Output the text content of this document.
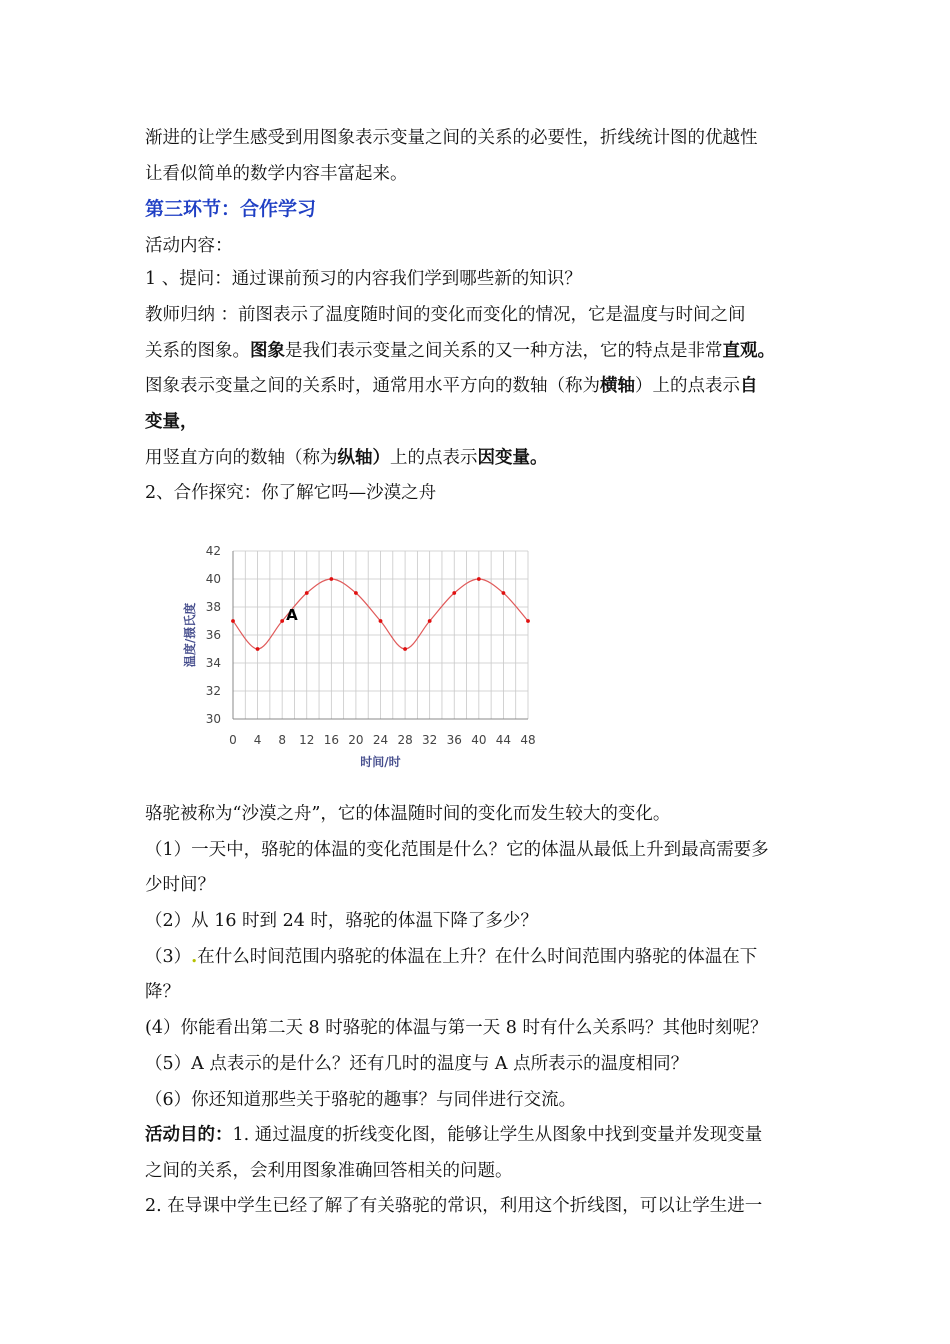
渐进的让学生感受到用图象表示变量之间的关系的必要性，折线统计图的优越性
让看似简单的数学内容丰富起来。
第三环节：合作学习
活动内容：
1 、提问：通过课前预习的内容我们学到哪些新的知识？
教师归纳 ：前图表示了温度随时间的变化而变化的情况，它是温度与时间之间
关系的图象。图象是我们表示变量之间关系的又一种方法，它的特点是非常直观。
图象表示变量之间的关系时，通常用水平方向的数轴（称为横轴）上的点表示自
变量，
用竖直方向的数轴（称为纵轴）上的点表示因变量。
2、合作探究：你了解它吗—沙漠之舟
0 4 8 12 16 20 24 28 32 36 40 44 48
30
32
34
36
38
40
42
A
时间/时
温度/摄氏度
骆驼被称为“沙漠之舟”，它的体温随时间的变化而发生较大的变化。
（1）一天中，骆驼的体温的变化范围是什么？它的体温从最低上升到最高需要多
少时间？
（2）从 16 时到 24 时，骆驼的体温下降了多少？
（3）.在什么时间范围内骆驼的体温在上升？在什么时间范围内骆驼的体温在下
降？
(4）你能看出第二天 8 时骆驼的体温与第一天 8 时有什么关系吗？其他时刻呢？
（5）A 点表示的是什么？还有几时的温度与 A 点所表示的温度相同？
（6）你还知道那些关于骆驼的趣事？与同伴进行交流。
活动目的：1. 通过温度的折线变化图，能够让学生从图象中找到变量并发现变量
之间的关系，会利用图象准确回答相关的问题。
2. 在导课中学生已经了解了有关骆驼的常识，利用这个折线图，可以让学生进一
